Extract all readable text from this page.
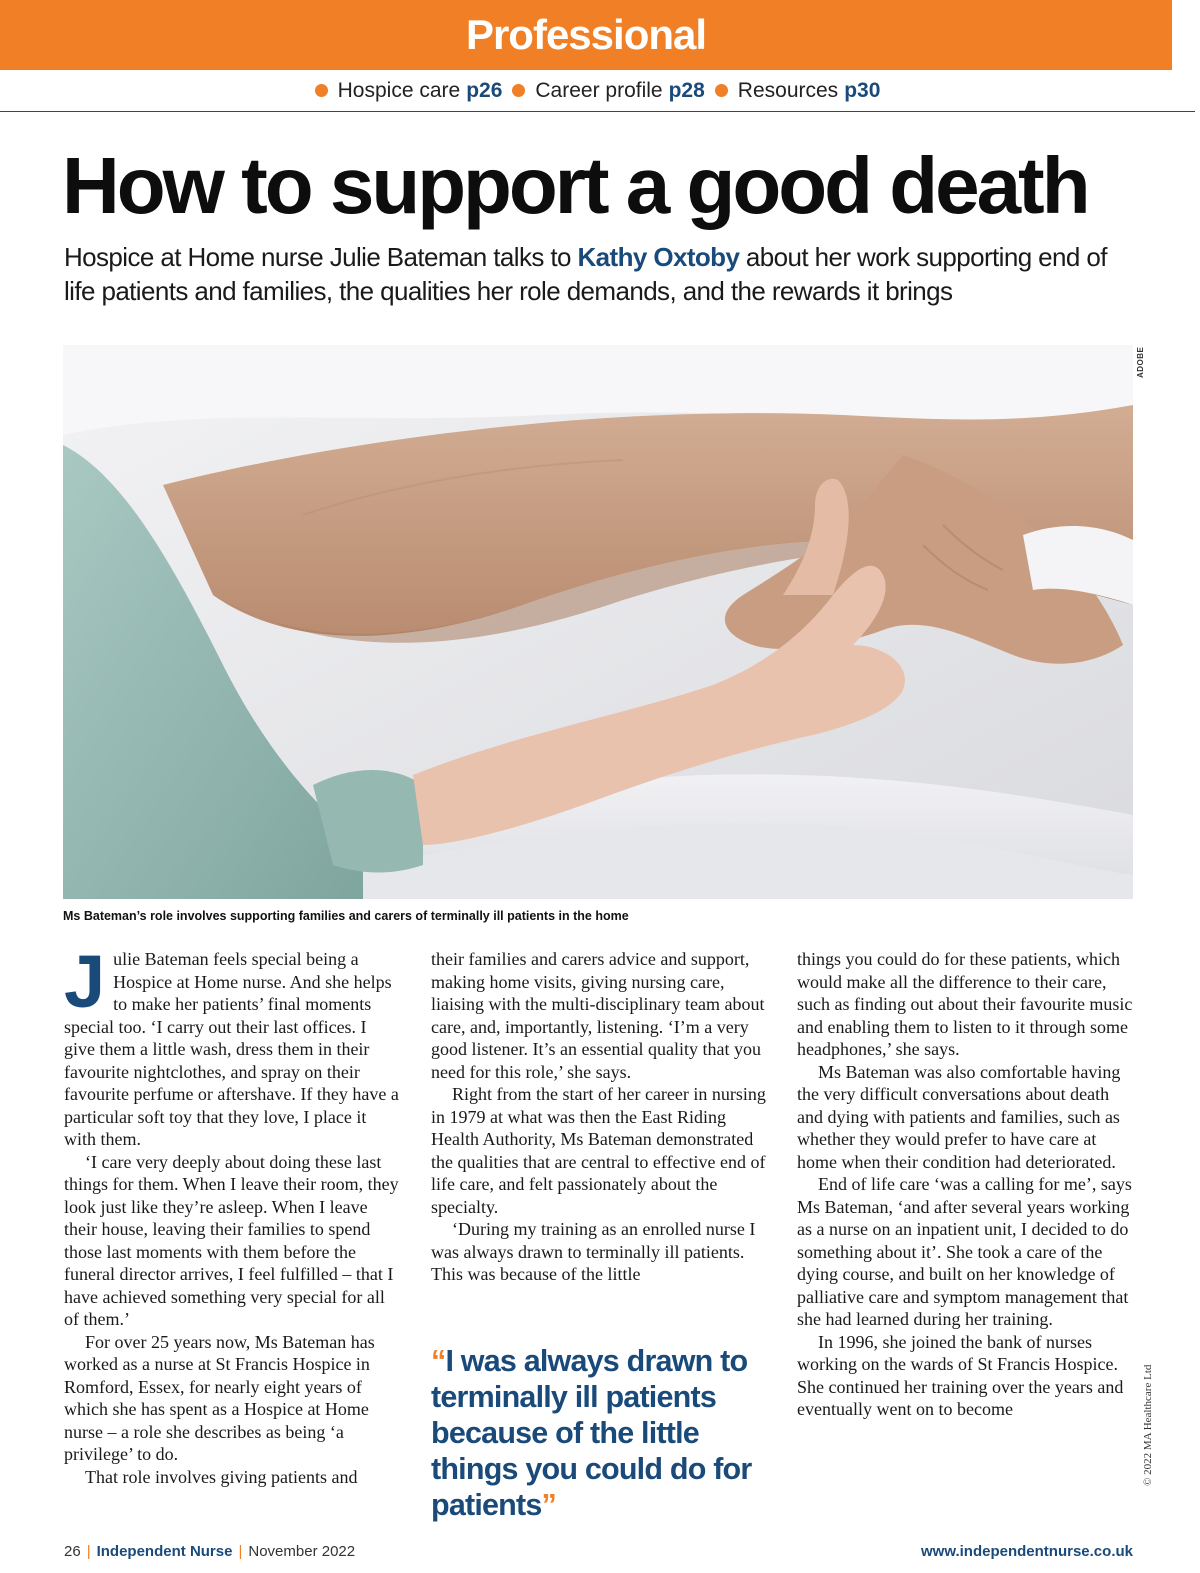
Professional
Hospice care p26 Career profile p28 Resources p30
How to support a good death

Hospice at Home nurse Julie Bateman talks to Kathy Oxtoby about her work supporting end of life patients and families, the qualities her role demands, and the rewards it brings

ADOBE

Ms Bateman’s role involves supporting families and carers of terminally ill patients in the home

Julie Bateman feels special being a Hospice at Home nurse. And she helps to make her patients’ final moments special too. ‘I carry out their last offices. I give them a little wash, dress them in their favourite nightclothes, and spray on their favourite perfume or aftershave. If they have a particular soft toy that they love, I place it with them.

‘I care very deeply about doing these last things for them. When I leave their room, they look just like they’re asleep. When I leave their house, leaving their families to spend those last moments with them before the funeral director arrives, I feel fulfilled – that I have achieved something very special for all of them.’

For over 25 years now, Ms Bateman has worked as a nurse at St Francis Hospice in Romford, Essex, for nearly eight years of which she has spent as a Hospice at Home nurse – a role she describes as being ‘a privilege’ to do.

That role involves giving patients and

their families and carers advice and support, making home visits, giving nursing care, liaising with the multi-disciplinary team about care, and, importantly, listening. ‘I’m a very good listener. It’s an essential quality that you need for this role,’ she says.

Right from the start of her career in nursing in 1979 at what was then the East Riding Health Authority, Ms Bateman demonstrated the qualities that are central to effective end of life care, and felt passionately about the specialty.

‘During my training as an enrolled nurse I was always drawn to terminally ill patients. This was because of the little

“I was always drawn to terminally ill patients because of the little things you could do for patients”

things you could do for these patients, which would make all the difference to their care, such as finding out about their favourite music and enabling them to listen to it through some headphones,’ she says.

Ms Bateman was also comfortable having the very difficult conversations about death and dying with patients and families, such as whether they would prefer to have care at home when their condition had deteriorated.

End of life care ‘was a calling for me’, says Ms Bateman, ‘and after several years working as a nurse on an inpatient unit, I decided to do something about it’. She took a care of the dying course, and built on her knowledge of palliative care and symptom management that she had learned during her training.

In 1996, she joined the bank of nurses working on the wards of St Francis Hospice. She continued her training over the years and eventually went on to become	© 2022 MA Healthcare Ltd
26 | Independent Nurse | November 2022	www.independentnurse.co.uk
